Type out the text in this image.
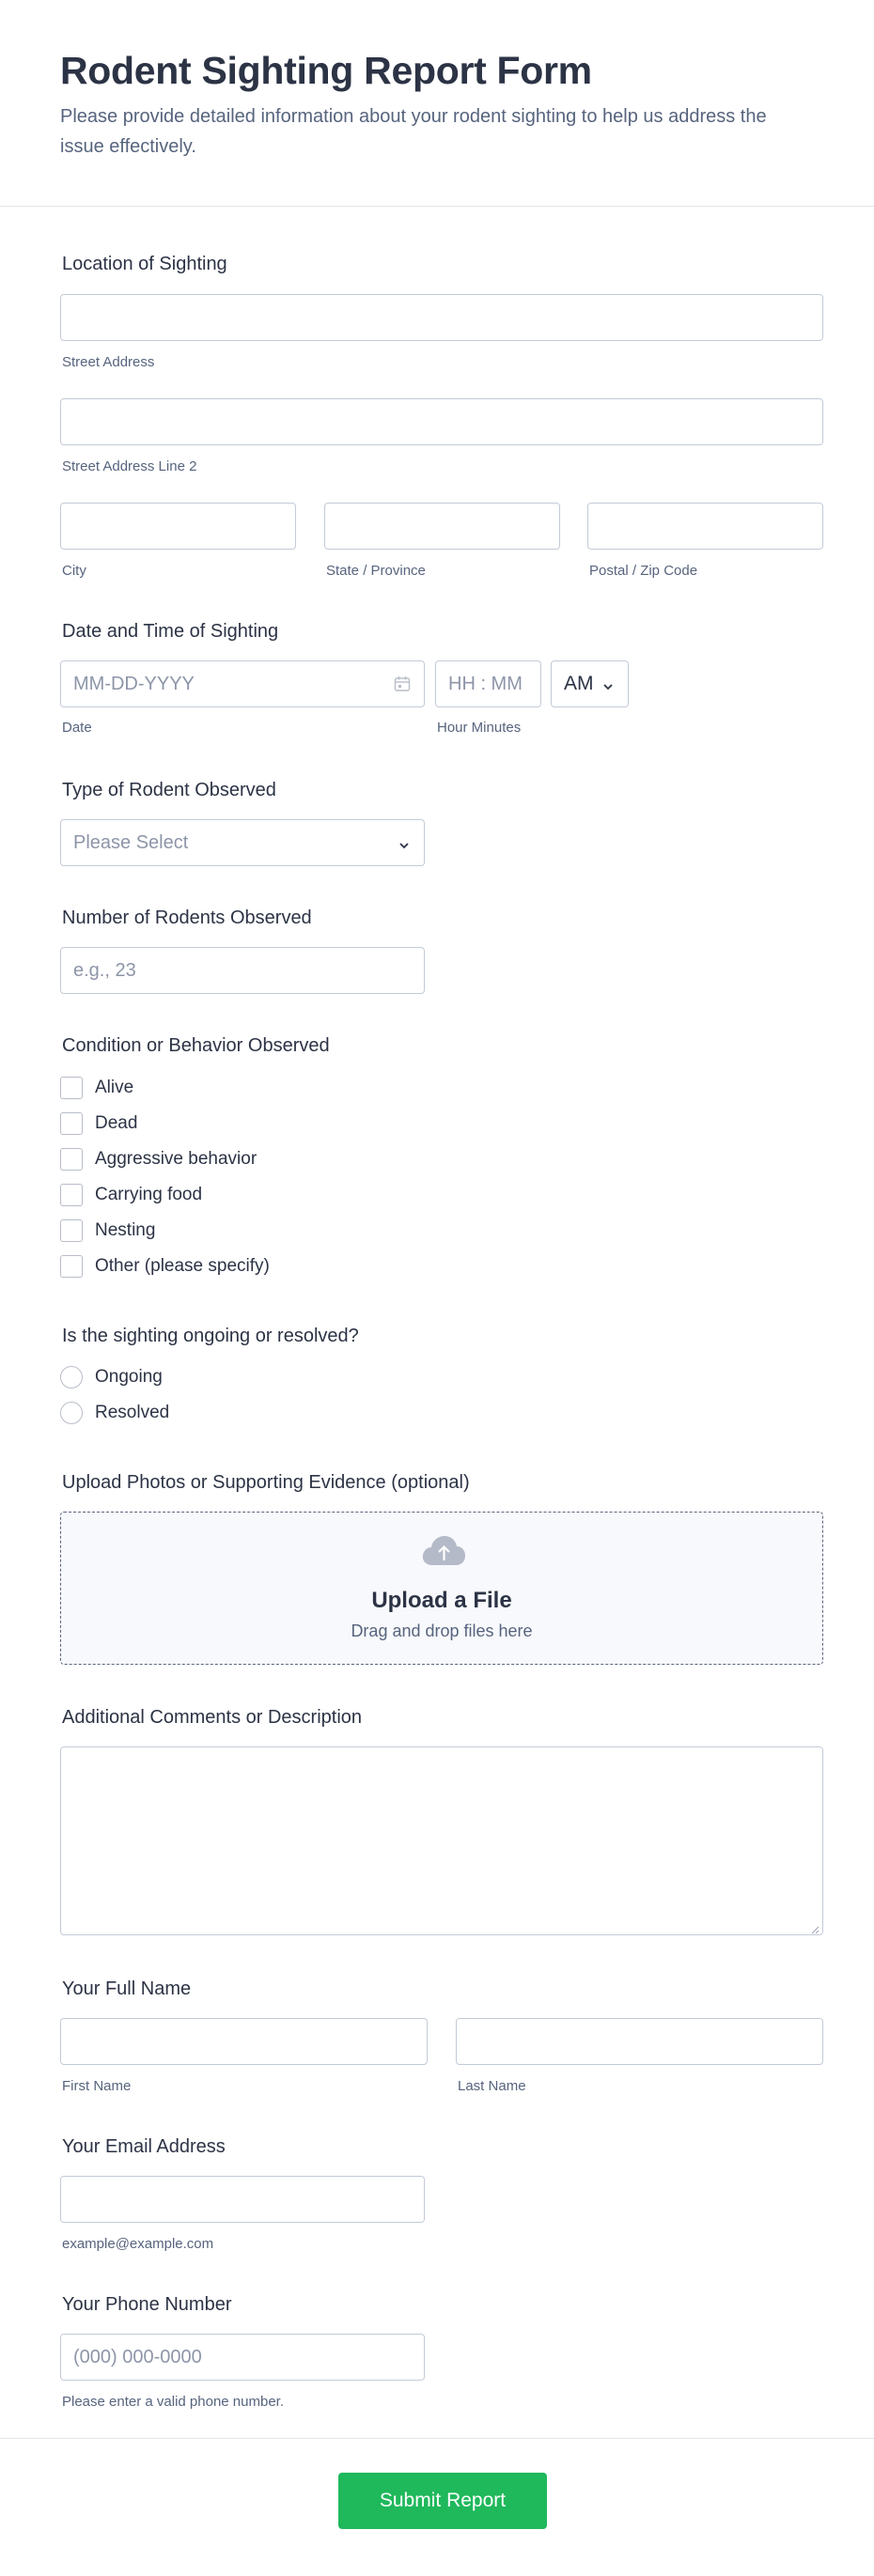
Rodent Sighting Report Form
Please provide detailed information about your rodent sighting to help us address the issue effectively.
Location of Sighting
Street Address
Street Address Line 2
City	State / Province	Postal / Zip Code
Date and Time of Sighting
MM-DD-YYYY
Date
HH : MM
Hour Minutes
AM
Type of Rodent Observed
Please Select
Number of Rodents Observed
e.g., 23
Condition or Behavior Observed
Alive
Dead
Aggressive behavior
Carrying food
Nesting
Other (please specify)
Is the sighting ongoing or resolved?
Ongoing
Resolved
Upload Photos or Supporting Evidence (optional)
Upload a File
Drag and drop files here
Additional Comments or Description
Your Full Name
First Name	Last Name
Your Email Address
example@example.com
Your Phone Number
(000) 000-0000
Please enter a valid phone number.
Submit Report
